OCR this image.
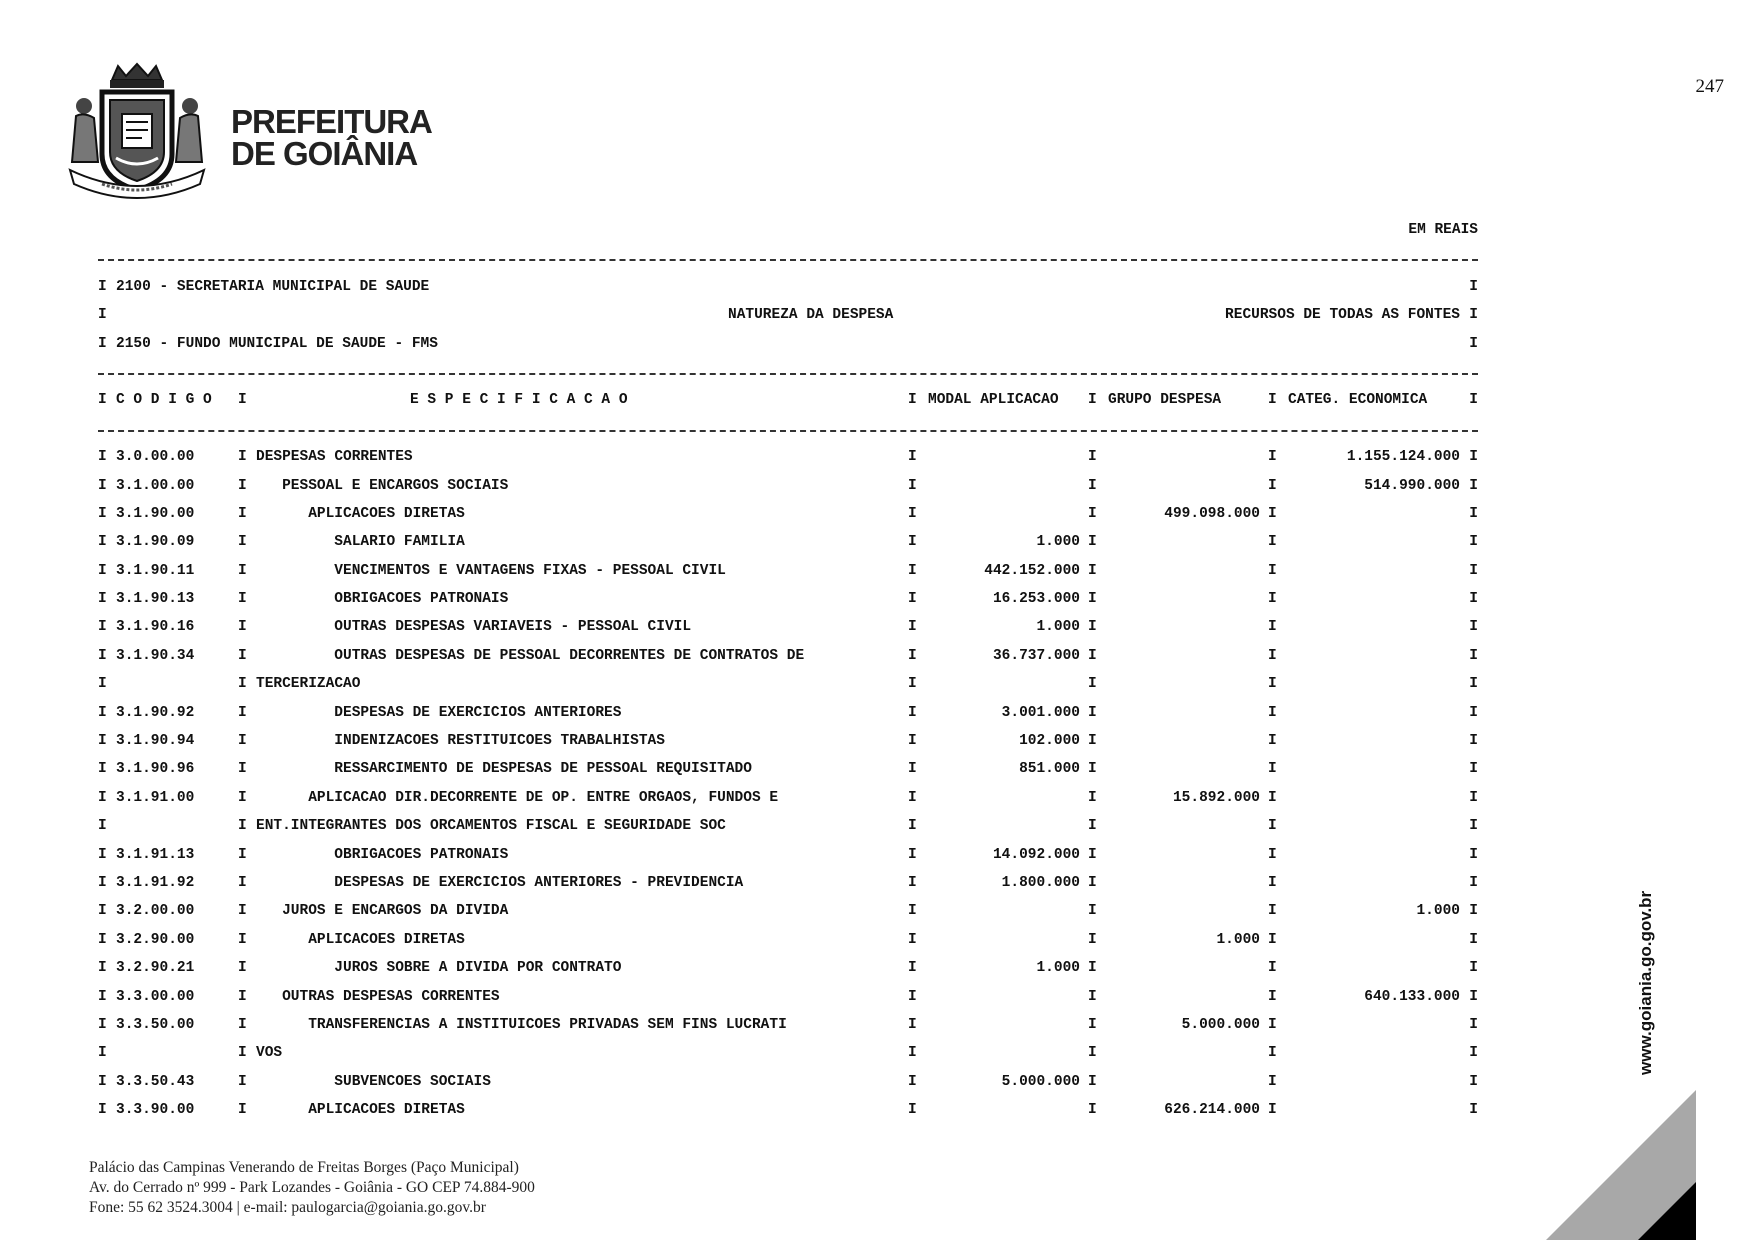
247
PREFEITURA
DE GOIÂNIA
EM REAIS
I 2100 - SECRETARIA MUNICIPAL DE SAUDE	I
I	NATUREZA DA DESPESA	RECURSOS DE TODAS AS FONTES I
I 2150 - FUNDO MUNICIPAL DE SAUDE - FMS	I
I C O D I G O I	E S P E C I F I C A C A O	I MODAL APLICACAO I GRUPO DESPESA	I CATEG. ECONOMICA	I
I 3.0.00.00	I DESPESAS CORRENTES	I	I	I	1.155.124.000 I
I 3.1.00.00	I PESSOAL E ENCARGOS SOCIAIS	I	I	I	514.990.000 I
I 3.1.90.00	I	APLICACOES DIRETAS	I	I	499.098.000 I	I
I 3.1.90.09	I	SALARIO FAMILIA	I	1.000 I	I	I
I 3.1.90.11	I	VENCIMENTOS E VANTAGENS FIXAS - PESSOAL CIVIL	I	442.152.000 I	I	I
I 3.1.90.13	I	OBRIGACOES PATRONAIS	I	16.253.000 I	I	I
I 3.1.90.16	I	OUTRAS DESPESAS VARIAVEIS - PESSOAL CIVIL	I	1.000 I	I	I
I 3.1.90.34	I	OUTRAS DESPESAS DE PESSOAL DECORRENTES DE CONTRATOS DE	I	36.737.000 I	I	I
I	I TERCERIZACAO	I	I	I	I
I 3.1.90.92	I	DESPESAS DE EXERCICIOS ANTERIORES	I	3.001.000 I	I	I
I 3.1.90.94	I	INDENIZACOES RESTITUICOES TRABALHISTAS	I	102.000 I	I	I
I 3.1.90.96	I	RESSARCIMENTO DE DESPESAS DE PESSOAL REQUISITADO	I	851.000 I	I	I
I 3.1.91.00	I	APLICACAO DIR.DECORRENTE DE OP. ENTRE ORGAOS, FUNDOS E	I	I	15.892.000 I	I
I	I ENT.INTEGRANTES DOS ORCAMENTOS FISCAL E SEGURIDADE SOC	I	I	I	I
I 3.1.91.13	I	OBRIGACOES PATRONAIS	I	14.092.000 I	I	I
I 3.1.91.92	I	DESPESAS DE EXERCICIOS ANTERIORES - PREVIDENCIA	I	1.800.000 I	I	I
I 3.2.00.00	I JUROS E ENCARGOS DA DIVIDA	I	I	I	1.000 I
I 3.2.90.00	I	APLICACOES DIRETAS	I	I	1.000 I	I
I 3.2.90.21	I	JUROS SOBRE A DIVIDA POR CONTRATO	I	1.000 I	I	I
I 3.3.00.00	I OUTRAS DESPESAS CORRENTES	I	I	I	640.133.000 I
I 3.3.50.00	I	TRANSFERENCIAS A INSTITUICOES PRIVADAS SEM FINS LUCRATI	I	I	5.000.000 I	I
I	I VOS	I	I	I	I
I 3.3.50.43	I	SUBVENCOES SOCIAIS	I	5.000.000 I	I	I
I 3.3.90.00	I	APLICACOES DIRETAS	I	I	626.214.000 I	I
www.goiania.go.gov.br
Palácio das Campinas Venerando de Freitas Borges (Paço Municipal)
Av. do Cerrado nº 999 - Park Lozandes - Goiânia - GO CEP 74.884-900
Fone: 55 62 3524.3004 | e-mail: paulogarcia@goiania.go.gov.br
